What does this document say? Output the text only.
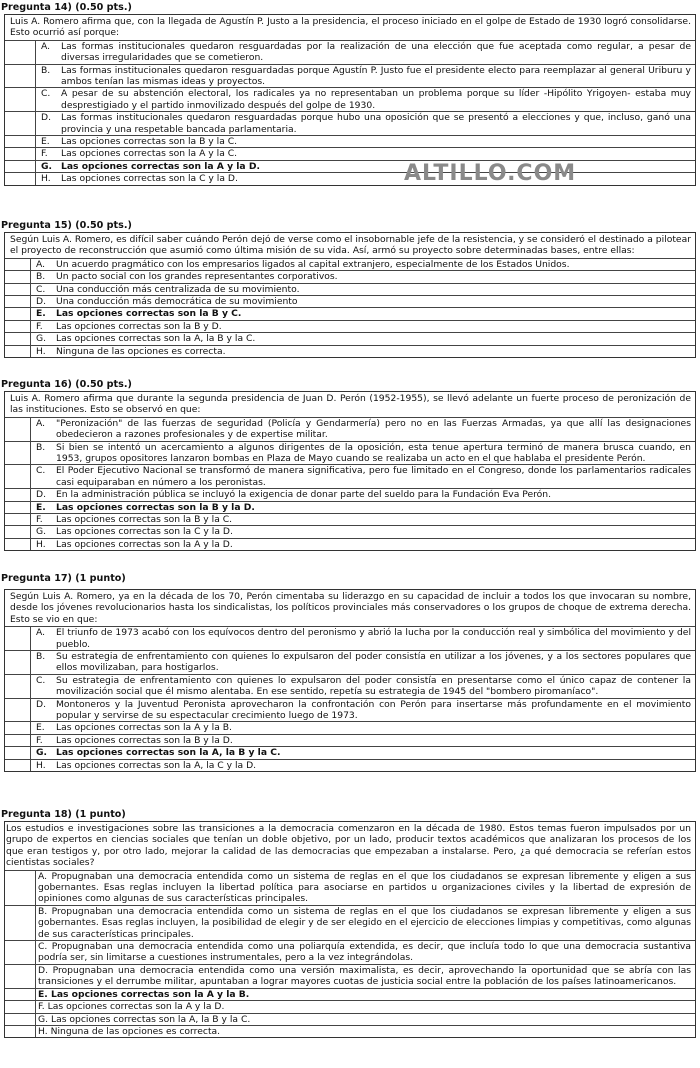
Pregunta 14) (0.50 pts.)
Luis A. Romero afirma que, con la llegada de Agustín P. Justo a la presidencia, el proceso iniciado en el golpe de Estado de 1930 logró consolidarse. Esto ocurrió así porque:
A.	Las formas institucionales quedaron resguardadas por la realización de una elección que fue aceptada como regular, a pesar de diversas irregularidades que se cometieron.
B.	Las formas institucionales quedaron resguardadas porque Agustín P. Justo fue el presidente electo para reemplazar al general Uriburu y ambos tenían las mismas ideas y proyectos.
C.	A pesar de su abstención electoral, los radicales ya no representaban un problema porque su líder -Hipólito Yrigoyen- estaba muy desprestigiado y el partido inmovilizado después del golpe de 1930.
D.	Las formas institucionales quedaron resguardadas porque hubo una oposición que se presentó a elecciones y que, incluso, ganó una provincia y una respetable bancada parlamentaria.
E.	Las opciones correctas son la B y la C.
F.	Las opciones correctas son la A y la C.
G. Las opciones correctas son la A y la D.
H.	Las opciones correctas son la C y la D.
Pregunta 15) (0.50 pts.)
Según Luis A. Romero, es difícil saber cuándo Perón dejó de verse como el insobornable jefe de la resistencia, y se consideró el destinado a pilotear el proyecto de reconstrucción que asumió como última misión de su vida. Así, armó su proyecto sobre determinadas bases, entre ellas:
A.	Un acuerdo pragmático con los empresarios ligados al capital extranjero, especialmente de los Estados Unidos.
B.	Un pacto social con los grandes representantes corporativos.
C.	Una conducción más centralizada de su movimiento.
D.	Una conducción más democrática de su movimiento
E.	Las opciones correctas son la B y C.
F.	Las opciones correctas son la B y D.
G.	Las opciones correctas son la A, la B y la C.
H.	Ninguna de las opciones es correcta.
Pregunta 16) (0.50 pts.)
Luis A. Romero afirma que durante la segunda presidencia de Juan D. Perón (1952-1955), se llevó adelante un fuerte proceso de peronización de las instituciones. Esto se observó en que:
A.	"Peronización" de las fuerzas de seguridad (Policía y Gendarmería) pero no en las Fuerzas Armadas, ya que allí las designaciones obedecieron a razones profesionales y de expertise militar.
B.	Si bien se intentó un acercamiento a algunos dirigentes de la oposición, esta tenue apertura terminó de manera brusca cuando, en 1953, grupos opositores lanzaron bombas en Plaza de Mayo cuando se realizaba un acto en el que hablaba el presidente Perón.
C.	El Poder Ejecutivo Nacional se transformó de manera significativa, pero fue limitado en el Congreso, donde los parlamentarios radicales casi equiparaban en número a los peronistas.
D.	En la administración pública se incluyó la exigencia de donar parte del sueldo para la Fundación Eva Perón.
E.	Las opciones correctas son la B y la D.
F.	Las opciones correctas son la B y la C.
G.	Las opciones correctas son la C y la D.
H.	Las opciones correctas son la A y la D.
Pregunta 17) (1 punto)
Según Luis A. Romero, ya en la década de los 70, Perón cimentaba su liderazgo en su capacidad de incluir a todos los que invocaran su nombre, desde los jóvenes revolucionarios hasta los sindicalistas, los políticos provinciales más conservadores o los grupos de choque de extrema derecha. Esto se vio en que:
A.	El triunfo de 1973 acabó con los equívocos dentro del peronismo y abrió la lucha por la conducción real y simbólica del movimiento y del pueblo.
B.	Su estrategia de enfrentamiento con quienes lo expulsaron del poder consistía en utilizar a los jóvenes, y a los sectores populares que ellos movilizaban, para hostigarlos.
C.	Su estrategia de enfrentamiento con quienes lo expulsaron del poder consistía en presentarse como el único capaz de contener la movilización social que él mismo alentaba. En ese sentido, repetía su estrategia de 1945 del "bombero piromaníaco".
D.	Montoneros y la Juventud Peronista aprovecharon la confrontación con Perón para insertarse más profundamente en el movimiento popular y servirse de su espectacular crecimiento luego de 1973.
E.	Las opciones correctas son la A y la B.
F.	Las opciones correctas son la B y la D.
G. Las opciones correctas son la A, la B y la C.
H.	Las opciones correctas son la A, la C y la D.
Pregunta 18) (1 punto)
Los estudios e investigaciones sobre las transiciones a la democracia comenzaron en la década de 1980. Estos temas fueron impulsados por un grupo de expertos en ciencias sociales que tenían un doble objetivo, por un lado, producir textos académicos que analizaran los procesos de los que eran testigos y, por otro lado, mejorar la calidad de las democracias que empezaban a instalarse. Pero, ¿a qué democracia se referían estos cientistas sociales?
A. Propugnaban una democracia entendida como un sistema de reglas en el que los ciudadanos se expresan libremente y eligen a sus gobernantes. Esas reglas incluyen la libertad política para asociarse en partidos u organizaciones civiles y la libertad de expresión de opiniones como algunas de sus características principales.
B. Propugnaban una democracia entendida como un sistema de reglas en el que los ciudadanos se expresan libremente y eligen a sus gobernantes. Esas reglas incluyen, la posibilidad de elegir y de ser elegido en el ejercicio de elecciones limpias y competitivas, como algunas de sus características principales.
C. Propugnaban una democracia entendida como una poliarquía extendida, es decir, que incluía todo lo que una democracia sustantiva podría ser, sin limitarse a cuestiones instrumentales, pero a la vez integrándolas.
D. Propugnaban una democracia entendida como una versión maximalista, es decir, aprovechando la oportunidad que se abría con las transiciones y el derrumbe militar, apuntaban a lograr mayores cuotas de justicia social entre la población de los países latinoamericanos.
E. Las opciones correctas son la A y la B.
F. Las opciones correctas son la A y la D.
G. Las opciones correctas son la A, la B y la C.
H. Ninguna de las opciones es correcta.
ALTILLO.COM
